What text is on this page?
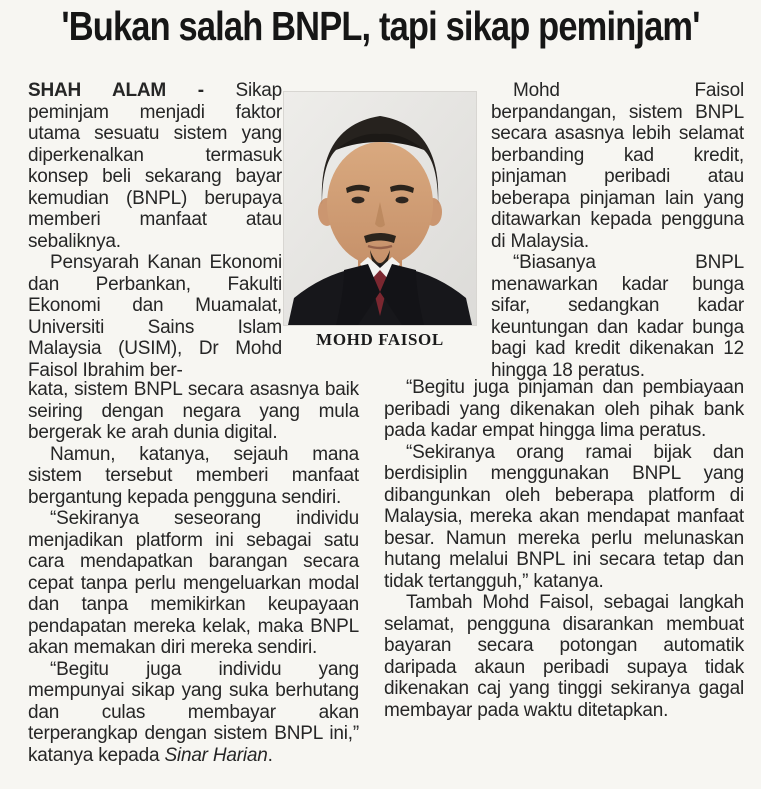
'Bukan salah BNPL, tapi sikap peminjam'

SHAH ALAM - Sikap peminjam menjadi faktor utama sesuatu sistem yang diperkenalkan termasuk konsep beli sekarang bayar kemudian (BNPL) berupaya memberi manfaat atau sebaliknya.

Pensyarah Kanan Ekonomi dan Perbankan, Fakulti Ekonomi dan Muamalat, Universiti Sains Islam Malaysia (USIM), Dr Mohd Faisol Ibrahim ber-

MOHD FAISOL

Mohd Faisol berpandangan, sistem BNPL secara asasnya lebih selamat berbanding kad kredit, pinjaman peribadi atau beberapa pinjaman lain yang ditawarkan kepada pengguna di Malaysia.

“Biasanya BNPL menawarkan kadar bunga sifar, sedangkan kadar keuntungan dan kadar bunga bagi kad kredit dikenakan 12 hingga 18 peratus.

kata, sistem BNPL secara asasnya baik seiring dengan negara yang mula bergerak ke arah dunia digital.

Namun, katanya, sejauh mana sistem tersebut memberi manfaat bergantung kepada pengguna sendiri.

“Sekiranya seseorang individu menjadikan platform ini sebagai satu cara mendapatkan barangan secara cepat tanpa perlu mengeluarkan modal dan tanpa memikirkan keupayaan pendapatan mereka kelak, maka BNPL akan memakan diri mereka sendiri.

“Begitu juga individu yang mempunyai sikap yang suka berhutang dan culas membayar akan terperangkap dengan sistem BNPL ini,” katanya kepada Sinar Harian.

“Begitu juga pinjaman dan pembiayaan peribadi yang dikenakan oleh pihak bank pada kadar empat hingga lima peratus.

“Sekiranya orang ramai bijak dan berdisiplin menggunakan BNPL yang dibangunkan oleh beberapa platform di Malaysia, mereka akan mendapat manfaat besar. Namun mereka perlu melunaskan hutang melalui BNPL ini secara tetap dan tidak tertangguh,” katanya.

Tambah Mohd Faisol, sebagai langkah selamat, pengguna disarankan membuat bayaran secara potongan automatik daripada akaun peribadi supaya tidak dikenakan caj yang tinggi sekiranya gagal membayar pada waktu ditetapkan.
